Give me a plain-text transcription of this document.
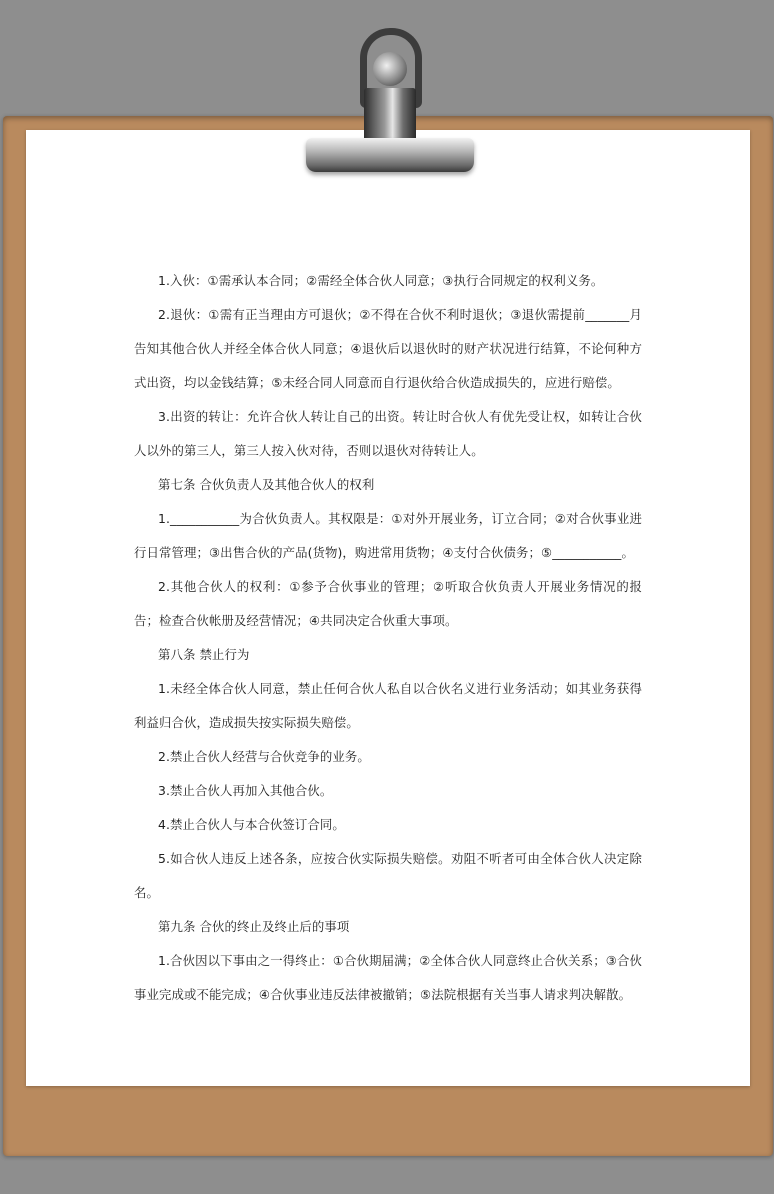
1.入伙：①需承认本合同；②需经全体合伙人同意；③执行合同规定的权利义务。

2.退伙：①需有正当理由方可退伙；②不得在合伙不利时退伙；③退伙需提前_______月告知其他合伙人并经全体合伙人同意；④退伙后以退伙时的财产状况进行结算，不论何种方式出资，均以金钱结算；⑤未经合同人同意而自行退伙给合伙造成损失的，应进行赔偿。

3.出资的转让：允许合伙人转让自己的出资。转让时合伙人有优先受让权，如转让合伙人以外的第三人，第三人按入伙对待，否则以退伙对待转让人。

第七条 合伙负责人及其他合伙人的权利

1.___________为合伙负责人。其权限是：①对外开展业务，订立合同；②对合伙事业进行日常管理；③出售合伙的产品(货物)，购进常用货物；④支付合伙债务；⑤___________。

2.其他合伙人的权利：①参予合伙事业的管理；②听取合伙负责人开展业务情况的报告；检查合伙帐册及经营情况；④共同决定合伙重大事项。

第八条 禁止行为

1.未经全体合伙人同意，禁止任何合伙人私自以合伙名义进行业务活动；如其业务获得利益归合伙，造成损失按实际损失赔偿。

2.禁止合伙人经营与合伙竞争的业务。

3.禁止合伙人再加入其他合伙。

4.禁止合伙人与本合伙签订合同。

5.如合伙人违反上述各条，应按合伙实际损失赔偿。劝阻不听者可由全体合伙人决定除名。

第九条 合伙的终止及终止后的事项

1.合伙因以下事由之一得终止：①合伙期届满；②全体合伙人同意终止合伙关系；③合伙事业完成或不能完成；④合伙事业违反法律被撤销；⑤法院根据有关当事人请求判决解散。
